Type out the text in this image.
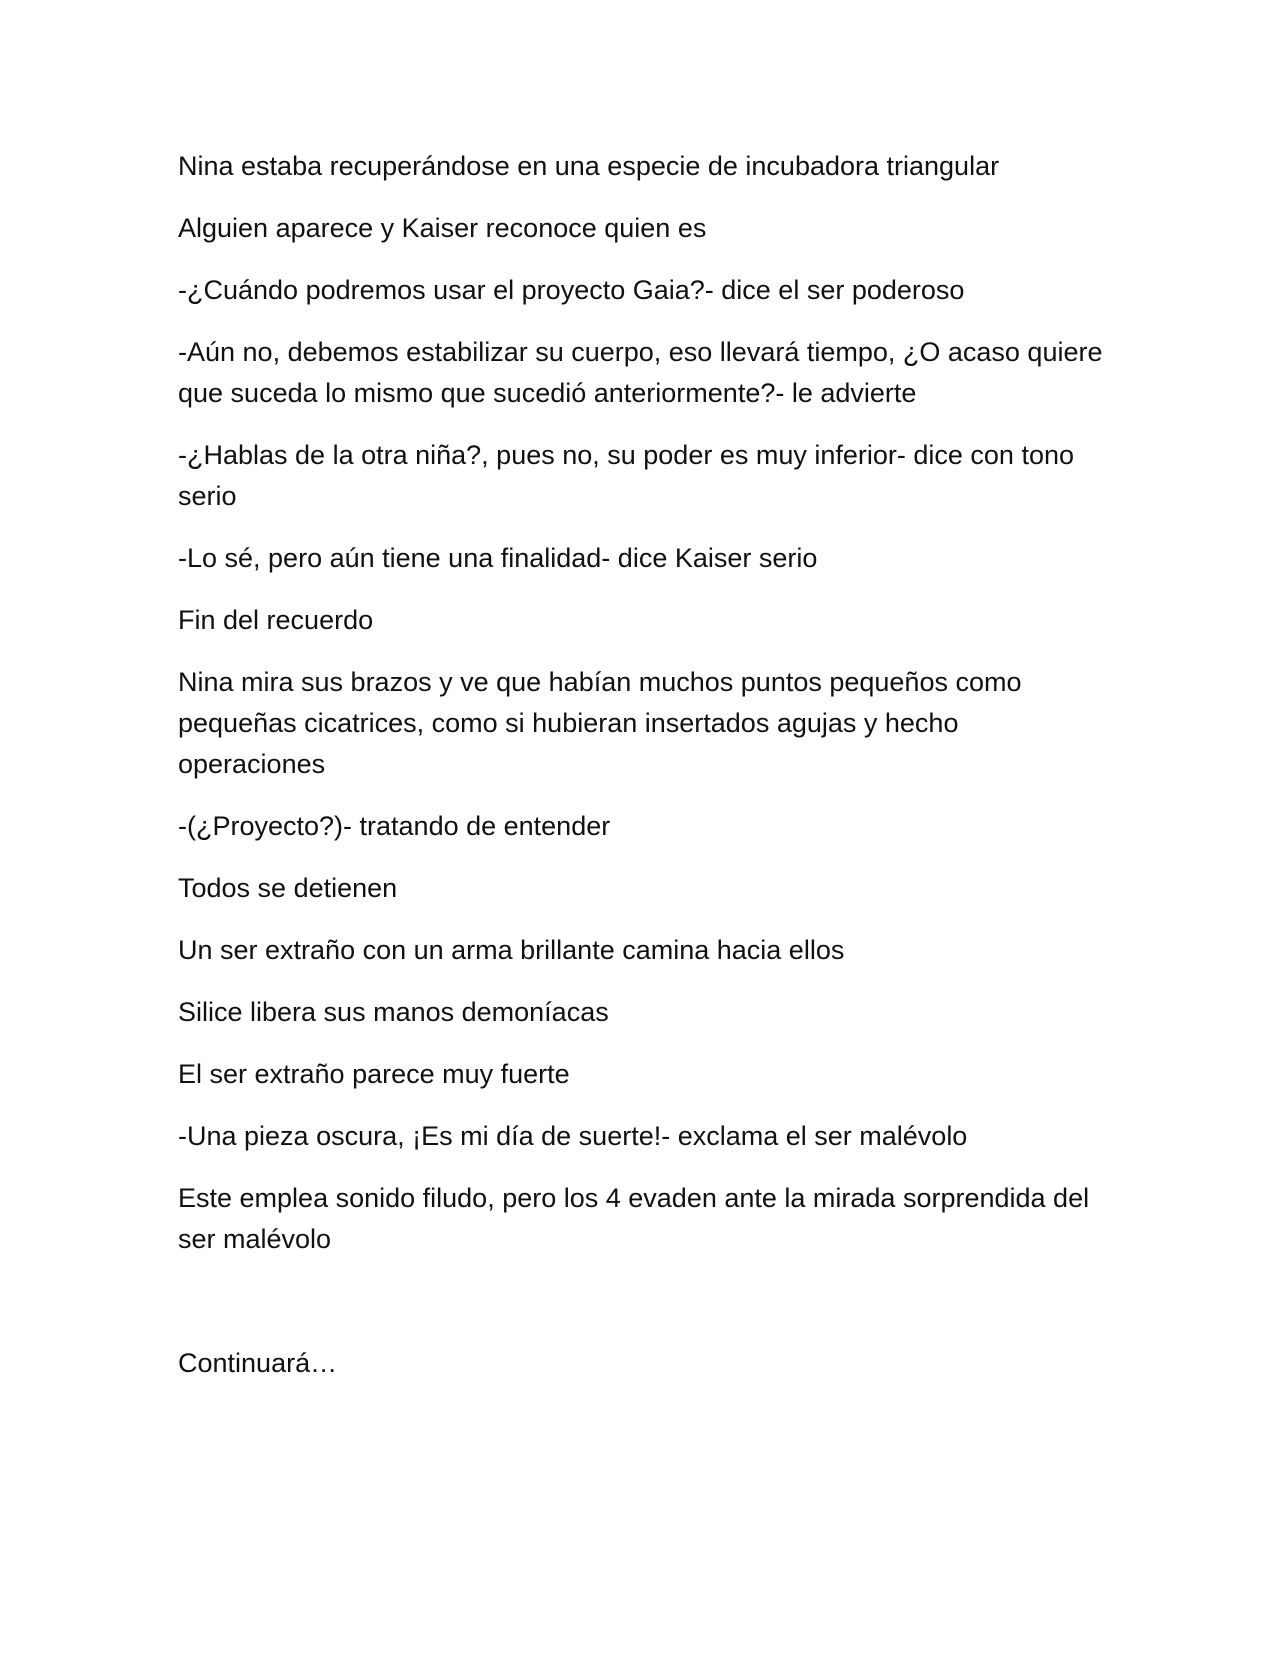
Nina estaba recuperándose en una especie de incubadora triangular

Alguien aparece y Kaiser reconoce quien es

-¿Cuándo podremos usar el proyecto Gaia?- dice el ser poderoso

-Aún no, debemos estabilizar su cuerpo, eso llevará tiempo, ¿O acaso quiere que suceda lo mismo que sucedió anteriormente?- le advierte

-¿Hablas de la otra niña?, pues no, su poder es muy inferior- dice con tono serio

-Lo sé, pero aún tiene una finalidad- dice Kaiser serio

Fin del recuerdo

Nina mira sus brazos y ve que habían muchos puntos pequeños como pequeñas cicatrices, como si hubieran insertados agujas y hecho operaciones

-(¿Proyecto?)- tratando de entender

Todos se detienen

Un ser extraño con un arma brillante camina hacia ellos

Silice libera sus manos demoníacas

El ser extraño parece muy fuerte

-Una pieza oscura, ¡Es mi día de suerte!- exclama el ser malévolo

Este emplea sonido filudo, pero los 4 evaden ante la mirada sorprendida del ser malévolo

Continuará…
